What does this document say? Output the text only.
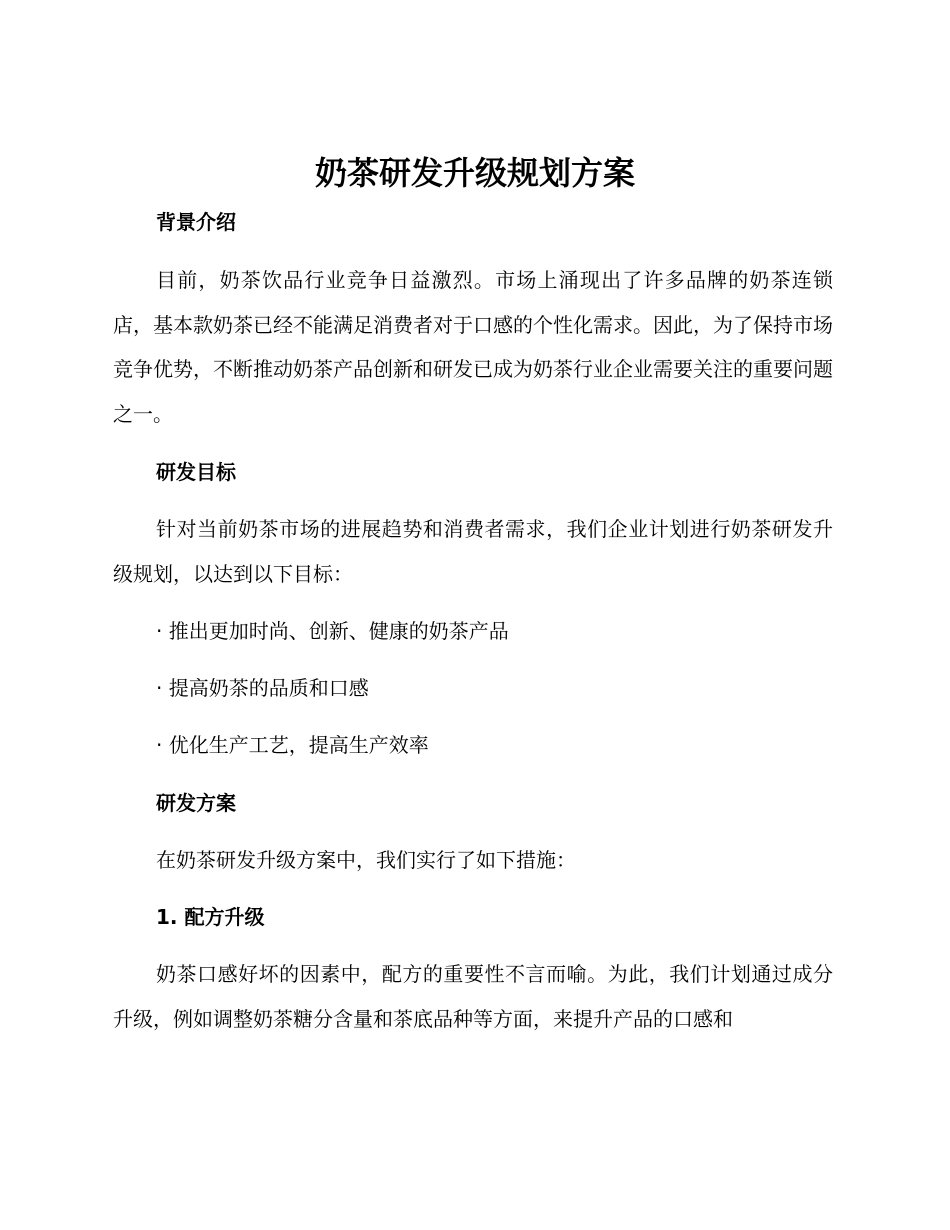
奶茶研发升级规划方案
背景介绍

目前，奶茶饮品行业竞争日益激烈。市场上涌现出了许多品牌的奶茶连锁店，基本款奶茶已经不能满足消费者对于口感的个性化需求。因此，为了保持市场竞争优势，不断推动奶茶产品创新和研发已成为奶茶行业企业需要关注的重要问题之一。

研发目标

针对当前奶茶市场的进展趋势和消费者需求，我们企业计划进行奶茶研发升级规划，以达到以下目标：

· 推出更加时尚、创新、健康的奶茶产品

· 提高奶茶的品质和口感

· 优化生产工艺，提高生产效率

研发方案

在奶茶研发升级方案中，我们实行了如下措施：

1. 配方升级

奶茶口感好坏的因素中，配方的重要性不言而喻。为此，我们计划通过成分升级，例如调整奶茶糖分含量和茶底品种等方面，来提升产品的口感和
